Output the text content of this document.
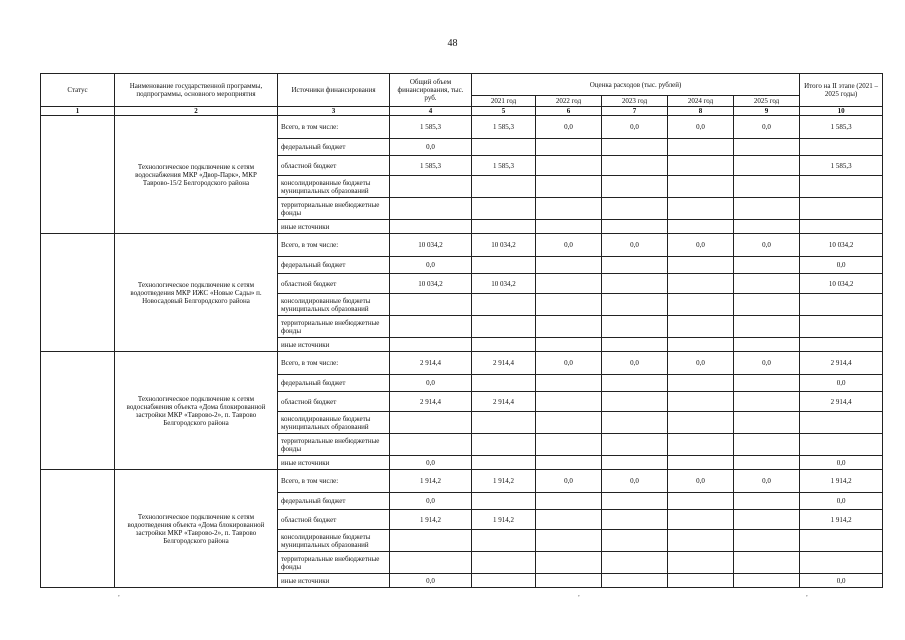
48
Статус	Наименование государственной программы, подпрограммы, основного мероприятия	Источники финансирования	Общий объем финансирования, тыс. руб.	Оценка расходов (тыс. рублей)					Итого на II этапе (2021 – 2025 годы)
				2021 год	2022 год	2023 год	2024 год	2025 год	
1	2	3	4	5	6	7	8	9	10
	Технологическое подключение к сетям водоснабжения МКР «Двор-Парк», МКР Таврово-15/2 Белгородского района	Всего, в том числе:	1 585,3	1 585,3	0,0	0,0	0,0	0,0	1 585,3
		федеральный бюджет	0,0						
		областной бюджет	1 585,3	1 585,3					1 585,3
		консолидированные бюджеты муниципальных образований							
		территориальные внебюджетные фонды							
		иные источники							
	Технологическое подключение к сетям водоотведения МКР ИЖС «Новые Сады» п. Новосадовый Белгородского района	Всего, в том числе:	10 034,2	10 034,2	0,0	0,0	0,0	0,0	10 034,2
		федеральный бюджет	0,0						0,0
		областной бюджет	10 034,2	10 034,2					10 034,2
		консолидированные бюджеты муниципальных образований							
		территориальные внебюджетные фонды							
		иные источники							
	Технологическое подключение к сетям водоснабжения объекта «Дома блокированной застройки МКР «Таврово-2», п. Таврово Белгородского района	Всего, в том числе:	2 914,4	2 914,4	0,0	0,0	0,0	0,0	2 914,4
		федеральный бюджет	0,0						0,0
		областной бюджет	2 914,4	2 914,4					2 914,4
		консолидированные бюджеты муниципальных образований							
		территориальные внебюджетные фонды							
		иные источники	0,0						0,0
	Технологическое подключение к сетям водоотведения объекта «Дома блокированной застройки МКР «Таврово-2», п. Таврово Белгородского района	Всего, в том числе:	1 914,2	1 914,2	0,0	0,0	0,0	0,0	1 914,2
		федеральный бюджет	0,0						0,0
		областной бюджет	1 914,2	1 914,2					1 914,2
		консолидированные бюджеты муниципальных образований							
		территориальные внебюджетные фонды							
		иные источники	0,0						0,0
,	,	,
